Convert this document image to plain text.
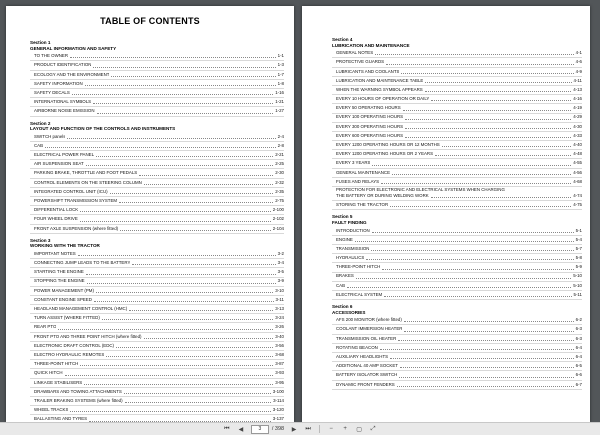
TABLE OF CONTENTS
Section 1
GENERAL INFORMATION AND SAFETY
TO THE OWNER	1-1
PRODUCT IDENTIFICATION	1-3
ECOLOGY AND THE ENVIRONMENT	1-7
SAFETY INFORMATION	1-8
SAFETY DECALS	1-16
INTERNATIONAL SYMBOLS	1-21
AIRBORNE NOISE EMISSION	1-27
Section 2
LAYOUT AND FUNCTION OF THE CONTROLS AND INSTRUMENTS
SWITCH panels	2-4
CAB	2-8
ELECTRICAL POWER PANEL	2-21
AIR SUSPENSION SEAT	2-25
PARKING BRAKE, THROTTLE AND FOOT PEDALS	2-30
CONTROL ELEMENTS ON THE STEERING COLUMN	2-32
INTEGRATED CONTROL UNIT (ICU)	2-35
POWERSHIFT TRANSMISSION SYSTEM	2-75
DIFFERENTIAL LOCK	2-100
FOUR WHEEL DRIVE	2-102
FRONT AXLE SUSPENSION (where fitted)	2-104
Section 3
WORKING WITH THE TRACTOR
IMPORTANT NOTES	3-2
CONNECTING JUMP LEADS TO THE BATTERY	3-4
STARTING THE ENGINE	3-5
STOPPING THE ENGINE	3-9
POWER MANAGEMENT (PM)	3-10
CONSTANT ENGINE SPEED	3-11
HEADLAND MANAGEMENT CONTROL (HMC)	3-13
TURN ASSIST (WHERE FITTED)	3-24
REAR PTO	3-26
FRONT PTO AND THREE POINT HITCH (where fitted)	3-40
ELECTRONIC DRAFT CONTROL (EDC)	3-56
ELECTRO HYDRAULIC REMOTES	3-68
THREE-POINT HITCH	3-87
QUICK HITCH	3-93
LINKAGE STABILISERS	3-95
DRAWBARS AND TOWING ATTACHMENTS	3-100
TRAILER BRAKING SYSTEMS (where fitted)	3-114
WHEEL TRACKS	3-120
BALLASTING AND TYRES	3-137
Section 4
LUBRICATION AND MAINTENANCE
GENERAL NOTES	4-1
PROTECTIVE GUARDS	4-6
LUBRICANTS AND COOLANTS	4-9
LUBRICATION AND MAINTENANCE TABLE	4-11
WHEN THE WARNING SYMBOL APPEARS	4-13
EVERY 10 HOURS OF OPERATION OR DAILY	4-16
EVERY 50 OPERATING HOURS	4-19
EVERY 100 OPERATING HOURS	4-29
EVERY 300 OPERATING HOURS	4-30
EVERY 600 OPERATING HOURS	4-33
EVERY 1200 OPERATING HOURS OR 12 MONTHS	4-40
EVERY 1200 OPERATING HOURS OR 2 YEARS	4-48
EVERY 3 YEARS	4-55
GENERAL MAINTENANCE	4-56
FUSES AND RELAYS	4-68
PROTECTION FOR ELECTRONIC AND ELECTRICAL SYSTEMS WHEN CHARGING
THE BATTERY OR DURING WELDING WORK	4-74
STORING THE TRACTOR	4-75
Section 5
FAULT FINDING
INTRODUCTION	5-1
ENGINE	5-4
TRANSMISSION	5-7
HYDRAULICS	5-8
THREE-POINT HITCH	5-9
BRAKES	5-10
CAB	5-10
ELECTRICAL SYSTEM	5-11
Section 6
ACCESSORIES
AFS 200 MONITOR (where fitted)	6-2
COOLANT IMMERSION HEATER	6-3
TRANSMISSION OIL HEATER	6-3
ROTATING BEACON	6-4
AUXILIARY HEADLIGHTS	6-4
ADDITIONAL 40 AMP SOCKET	6-5
BATTERY ISOLATOR SWITCH	6-6
DYNAMIC FRONT FENDERS	6-7
⏮	◀	3	/ 398	▶	⏭	−	+	▢	⤢
